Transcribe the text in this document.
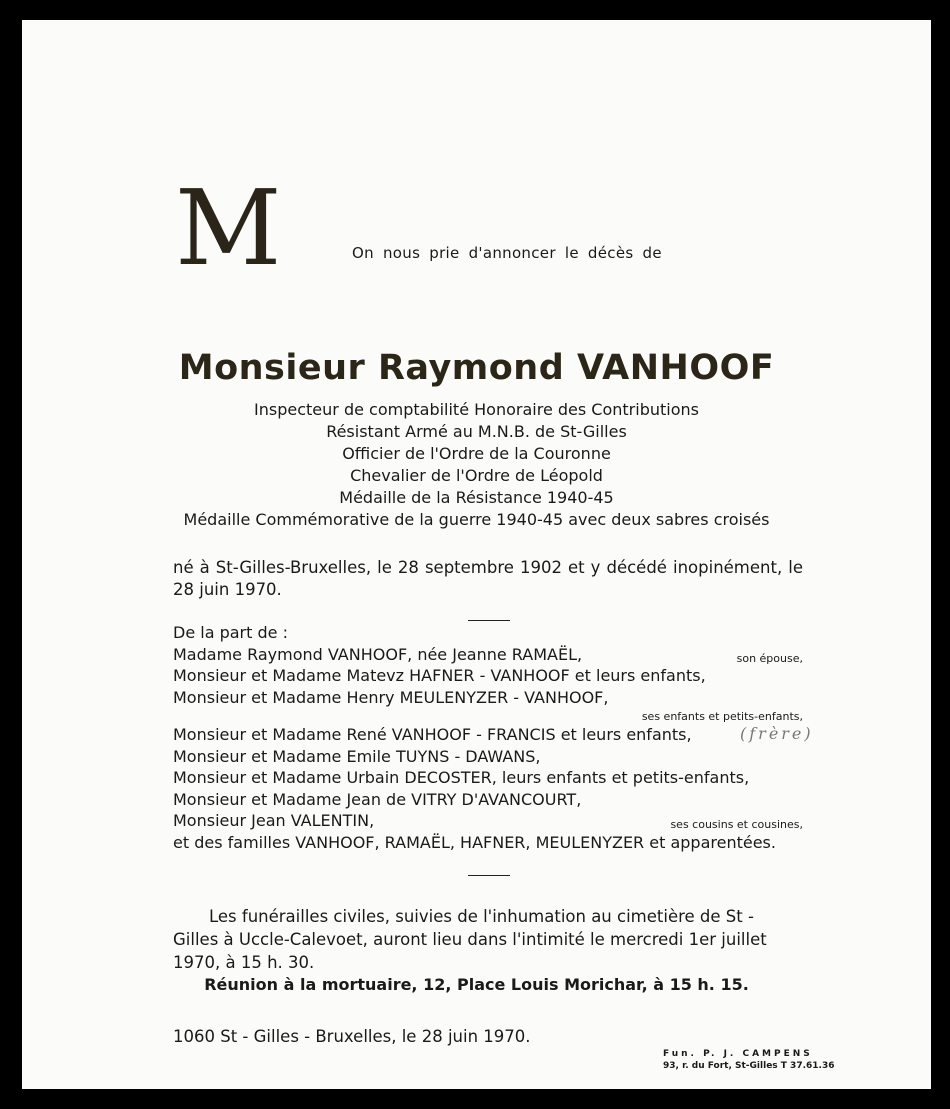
M	On nous prie d'annoncer le décès de
Monsieur Raymond VANHOOF
Inspecteur de comptabilité Honoraire des Contributions
Résistant Armé au M.N.B. de St-Gilles
Officier de l'Ordre de la Couronne
Chevalier de l'Ordre de Léopold
Médaille de la Résistance 1940-45
Médaille Commémorative de la guerre 1940-45 avec deux sabres croisés
né à St-Gilles-Bruxelles, le 28 septembre 1902 et y décédé inopinément, le 28 juin 1970.
De la part de :
Madame Raymond VANHOOF, née Jeanne RAMAËL,	son épouse,
Monsieur et Madame Matevz HAFNER - VANHOOF et leurs enfants,
Monsieur et Madame Henry MEULENYZER - VANHOOF,
ses enfants et petits-enfants,
Monsieur et Madame René VANHOOF - FRANCIS et leurs enfants,
Monsieur et Madame Emile TUYNS - DAWANS,
Monsieur et Madame Urbain DECOSTER, leurs enfants et petits-enfants,
Monsieur et Madame Jean de VITRY D'AVANCOURT,
Monsieur Jean VALENTIN,	ses cousins et cousines,
et des familles VANHOOF, RAMAËL, HAFNER, MEULENYZER et apparentées.
(frère)
Les funérailles civiles, suivies de l'inhumation au cimetière de St - Gilles à Uccle-Calevoet, auront lieu dans l'intimité le mercredi 1er juillet 1970, à 15 h. 30.
Réunion à la mortuaire, 12, Place Louis Morichar, à 15 h. 15.
1060 St - Gilles - Bruxelles, le 28 juin 1970.
Fun. P. J. CAMPENS
93, r. du Fort, St-Gilles T 37.61.36
